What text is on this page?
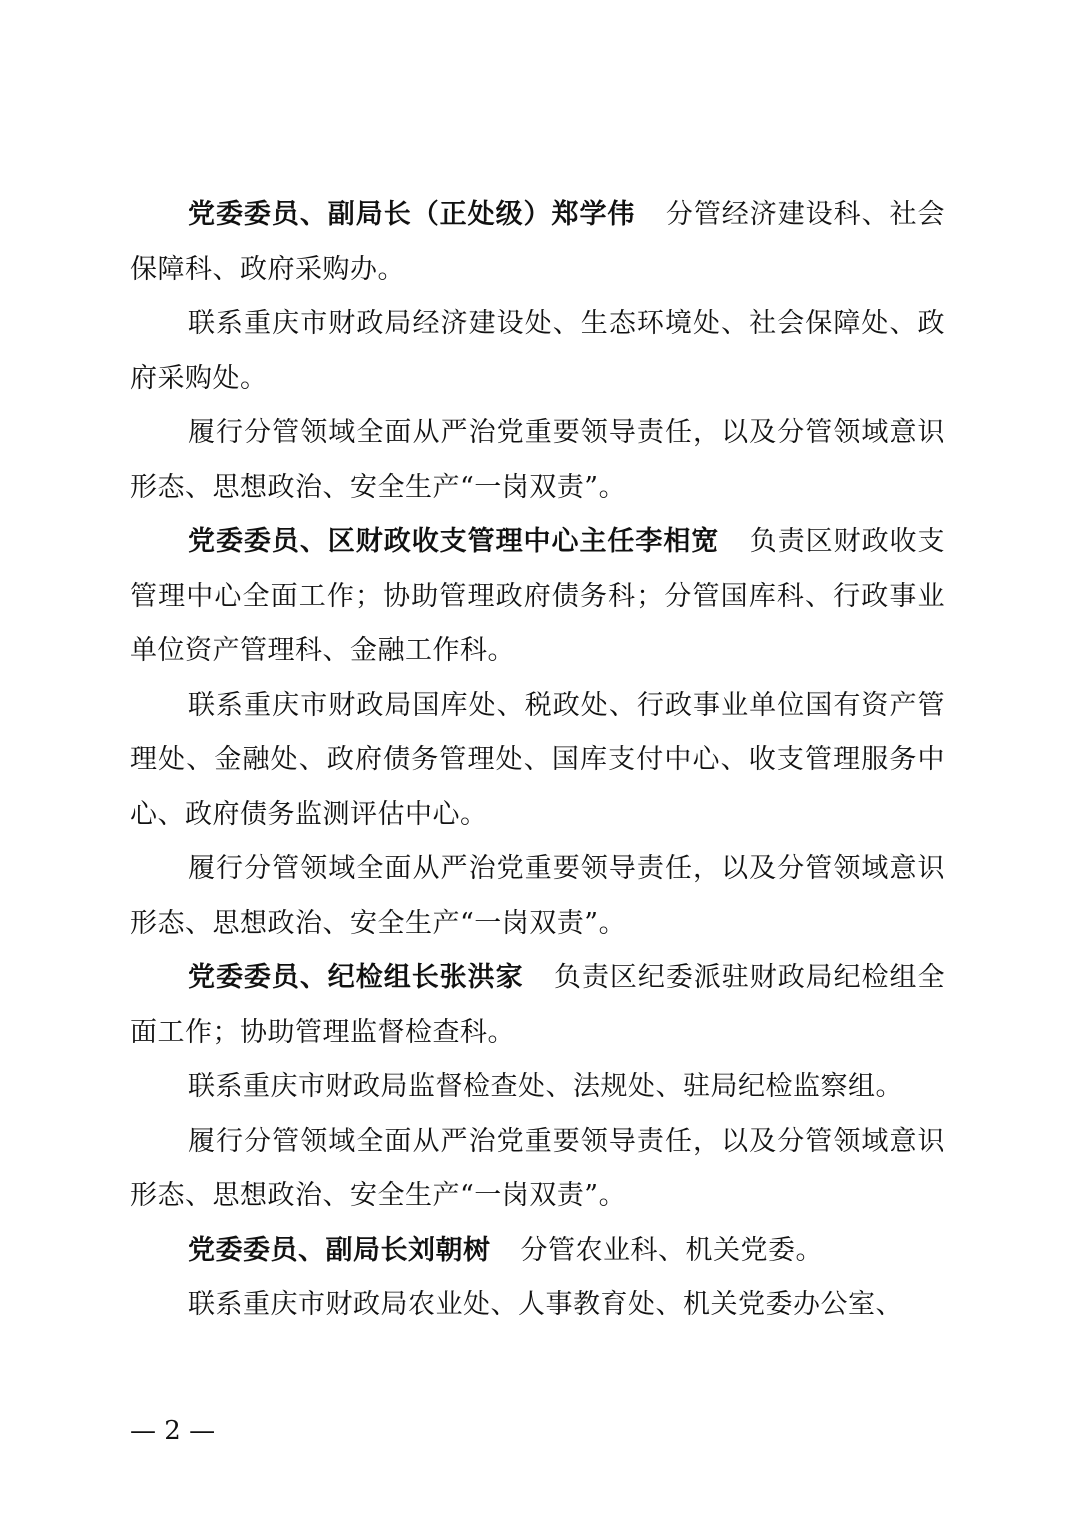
党委委员、副局长（正处级）郑学伟 分管经济建设科、社会保障科、政府采购办。

联系重庆市财政局经济建设处、生态环境处、社会保障处、政府采购处。

履行分管领域全面从严治党重要领导责任，以及分管领域意识形态、思想政治、安全生产“一岗双责”。

党委委员、区财政收支管理中心主任李相宽 负责区财政收支管理中心全面工作；协助管理政府债务科；分管国库科、行政事业单位资产管理科、金融工作科。

联系重庆市财政局国库处、税政处、行政事业单位国有资产管理处、金融处、政府债务管理处、国库支付中心、收支管理服务中心、政府债务监测评估中心。

履行分管领域全面从严治党重要领导责任，以及分管领域意识形态、思想政治、安全生产“一岗双责”。

党委委员、纪检组长张洪家 负责区纪委派驻财政局纪检组全面工作；协助管理监督检查科。

联系重庆市财政局监督检查处、法规处、驻局纪检监察组。

履行分管领域全面从严治党重要领导责任，以及分管领域意识形态、思想政治、安全生产“一岗双责”。

党委委员、副局长刘朝树 分管农业科、机关党委。

联系重庆市财政局农业处、人事教育处、机关党委办公室、

— 2 —
